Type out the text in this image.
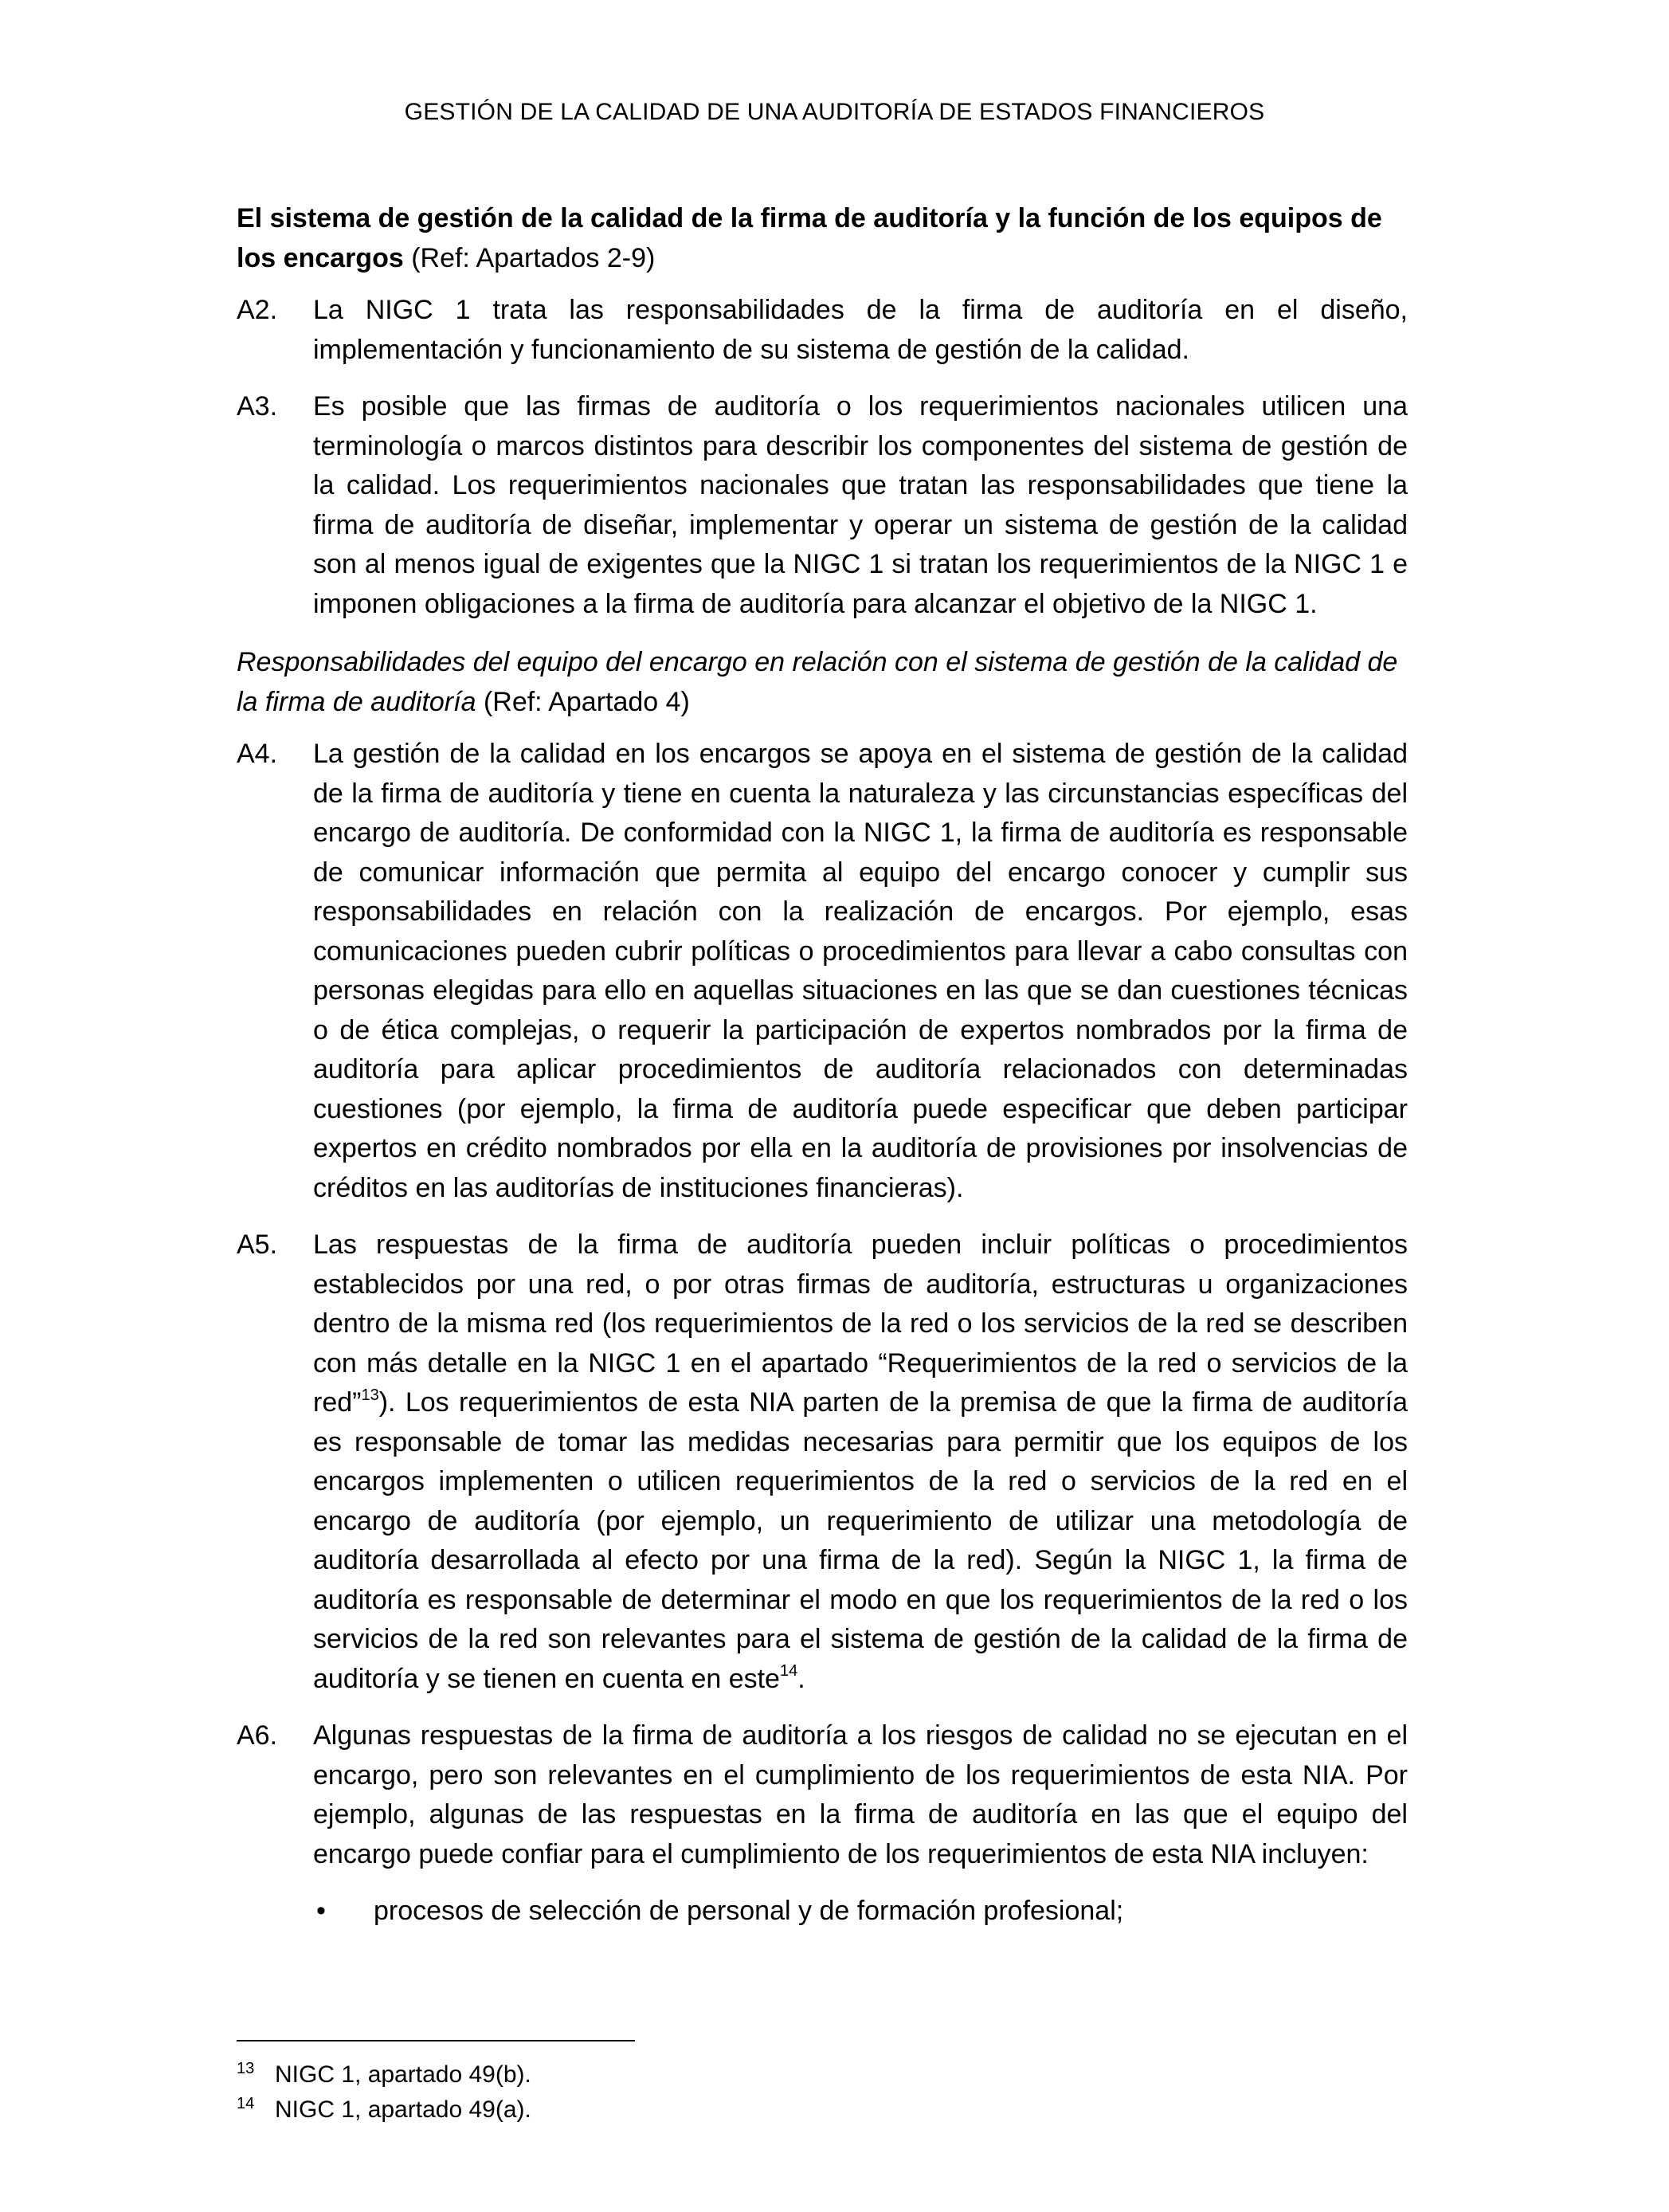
GESTIÓN DE LA CALIDAD DE UNA AUDITORÍA DE ESTADOS FINANCIEROS

El sistema de gestión de la calidad de la firma de auditoría y la función de los equipos de los encargos (Ref: Apartados 2-9)

A2.	La NIGC 1 trata las responsabilidades de la firma de auditoría en el diseño, implementación y funcionamiento de su sistema de gestión de la calidad.
A3.	Es posible que las firmas de auditoría o los requerimientos nacionales utilicen una terminología o marcos distintos para describir los componentes del sistema de gestión de la calidad. Los requerimientos nacionales que tratan las responsabilidades que tiene la firma de auditoría de diseñar, implementar y operar un sistema de gestión de la calidad son al menos igual de exigentes que la NIGC 1 si tratan los requerimientos de la NIGC 1 e imponen obligaciones a la firma de auditoría para alcanzar el objetivo de la NIGC 1.

Responsabilidades del equipo del encargo en relación con el sistema de gestión de la calidad de la firma de auditoría (Ref: Apartado 4)

A4.	La gestión de la calidad en los encargos se apoya en el sistema de gestión de la calidad de la firma de auditoría y tiene en cuenta la naturaleza y las circunstancias específicas del encargo de auditoría. De conformidad con la NIGC 1, la firma de auditoría es responsable de comunicar información que permita al equipo del encargo conocer y cumplir sus responsabilidades en relación con la realización de encargos. Por ejemplo, esas comunicaciones pueden cubrir políticas o procedimientos para llevar a cabo consultas con personas elegidas para ello en aquellas situaciones en las que se dan cuestiones técnicas o de ética complejas, o requerir la participación de expertos nombrados por la firma de auditoría para aplicar procedimientos de auditoría relacionados con determinadas cuestiones (por ejemplo, la firma de auditoría puede especificar que deben participar expertos en crédito nombrados por ella en la auditoría de provisiones por insolvencias de créditos en las auditorías de instituciones financieras).
A5.	Las respuestas de la firma de auditoría pueden incluir políticas o procedimientos establecidos por una red, o por otras firmas de auditoría, estructuras u organizaciones dentro de la misma red (los requerimientos de la red o los servicios de la red se describen con más detalle en la NIGC 1 en el apartado “Requerimientos de la red o servicios de la red”$^{13}$). Los requerimientos de esta NIA parten de la premisa de que la firma de auditoría es responsable de tomar las medidas necesarias para permitir que los equipos de los encargos implementen o utilicen requerimientos de la red o servicios de la red en el encargo de auditoría (por ejemplo, un requerimiento de utilizar una metodología de auditoría desarrollada al efecto por una firma de la red). Según la NIGC 1, la firma de auditoría es responsable de determinar el modo en que los requerimientos de la red o los servicios de la red son relevantes para el sistema de gestión de la calidad de la firma de auditoría y se tienen en cuenta en este$^{14}$.
A6.	Algunas respuestas de la firma de auditoría a los riesgos de calidad no se ejecutan en el encargo, pero son relevantes en el cumplimiento de los requerimientos de esta NIA. Por ejemplo, algunas de las respuestas en la firma de auditoría en las que el equipo del encargo puede confiar para el cumplimiento de los requerimientos de esta NIA incluyen:
•	procesos de selección de personal y de formación profesional;
13 NIGC 1, apartado 49(b).
14 NIGC 1, apartado 49(a).
